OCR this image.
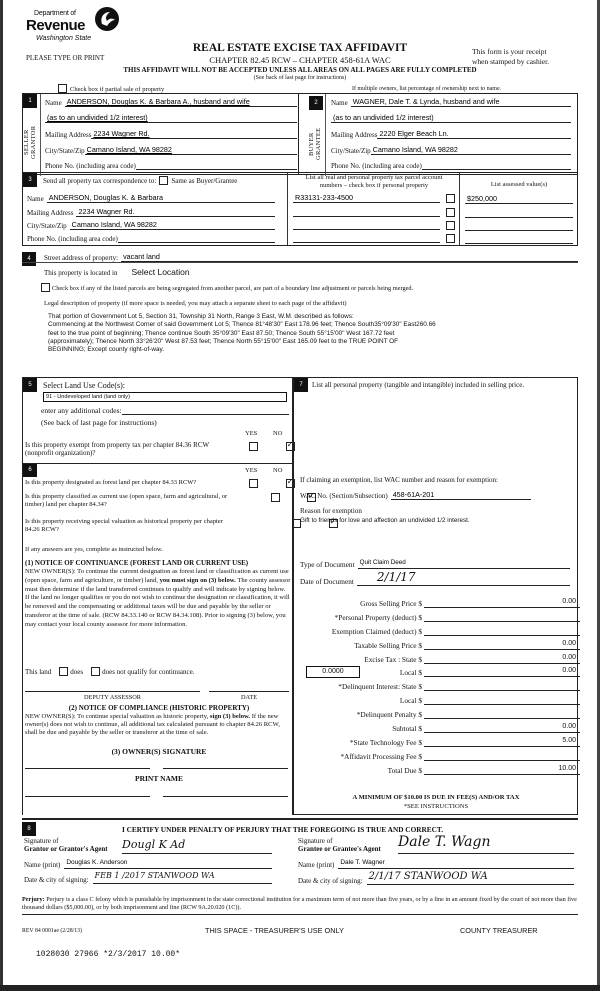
Department of
Revenue
Washington State
PLEASE TYPE OR PRINT
REAL ESTATE EXCISE TAX AFFIDAVIT
CHAPTER 82.45 RCW – CHAPTER 458-61A WAC
This form is your receipt
when stamped by cashier.
THIS AFFIDAVIT WILL NOT BE ACCEPTED UNLESS ALL AREAS ON ALL PAGES ARE FULLY COMPLETED
(See back of last page for instructions)
Check box if partial sale of property	If multiple owners, list percentage of ownership next to name.
1
SELLER
GRANTOR
Name ANDERSON, Douglas K. & Barbara A., husband and wife
(as to an undivided 1/2 interest)
Mailing Address 2234 Wagner Rd.
City/State/Zip Camano Island, WA 98282
Phone No. (including area code)
2
BUYER
GRANTEE
Name WAGNER, Dale T. & Lynda, husband and wife
(as to an undivided 1/2 interest)
Mailing Address 2220 Elger Beach Ln.
City/State/Zip Camano Island, WA 98282
Phone No. (including area code)
3	Send all property tax correspondence to: Same as Buyer/Grantee
Name ANDERSON, Douglas K. & Barbara
Mailing Address 2234 Wagner Rd.
City/State/Zip Camano Island, WA 98282
Phone No. (including area code)
List all real and personal property tax parcel account
numbers – check box if personal property	List assessed value(s)
R33131-233-4500	$250,000
4	Street address of property: vacant land
This property is located in Select Location
Check box if any of the listed parcels are being segregated from another parcel, are part of a boundary line adjustment or parcels being merged.
Legal description of property (if more space is needed, you may attach a separate sheet to each page of the affidavit)
That portion of Government Lot 5, Section 31, Township 31 North, Range 3 East, W.M. described as follows:
Commencing at the Northwest Corner of said Government Lot 5; Thence 81°48'30" East 178.96 feet; Thence South35°09'30" East260.66
feet to the true point of beginning; Thence continue South 35°09'30" East 87.50; Thence South 55°15'00" West 167.72 feet
(approximately); Thence North 33°26'20" West 87.53 feet; Thence North 55°15'00" East 165.09 feet to the TRUE POINT OF
BEGINNING; Except county right-of-way.
5	Select Land Use Code(s):
91 - Undeveloped land (land only)
enter any additional codes:
(See back of last page for instructions)
YES NO
Is this property exempt from property tax per chapter 84.36 RCW (nonprofit organization)?
✓
6	YES NO
Is this property designated as forest land per chapter 84.33 RCW?
✓
Is this property classified as current use (open space, farm and agricultural, or timber) land per chapter 84.34?
✓
Is this property receiving special valuation as historical property per chapter 84.26 RCW?
✓
If any answers are yes, complete as instructed below.
(1) NOTICE OF CONTINUANCE (FOREST LAND OR CURRENT USE)
NEW OWNER(S): To continue the current designation as forest land or classification as current use (open space, farm and agriculture, or timber) land, you must sign on (3) below. The county assessor must then determine if the land transferred continues to qualify and will indicate by signing below. If the land no longer qualifies or you do not wish to continue the designation or classification, it will be removed and the compensating or additional taxes will be due and payable by the seller or transferor at the time of sale. (RCW 84.33.140 or RCW 84.34.108). Prior to signing (3) below, you may contact your local county assessor for more information.
This land	does	does not qualify for continuance.
DEPUTY ASSESSOR	DATE
(2) NOTICE OF COMPLIANCE (HISTORIC PROPERTY)
NEW OWNER(S): To continue special valuation as historic property, sign (3) below. If the new owner(s) does not wish to continue, all additional tax calculated pursuant to chapter 84.26 RCW, shall be due and payable by the seller or transferor at the time of sale.
(3) OWNER(S) SIGNATURE
PRINT NAME
7	List all personal property (tangible and intangible) included in selling price.
If claiming an exemption, list WAC number and reason for exemption:
WAC No. (Section/Subsection) 458-61A-201
Reason for exemption
Gift to friends for love and affection an undivided 1/2 interest.
Type of Document Quit Claim Deed
Date of Document	2/1/17
Gross Selling Price $	0.00
*Personal Property (deduct) $
Exemption Claimed (deduct) $
Taxable Selling Price $	0.00
Excise Tax : State $	0.00
0.0000	Local $	0.00
*Delinquent Interest: State $
Local $
*Delinquent Penalty $
Subtotal $	0.00
*State Technology Fee $	5.00
*Affidavit Processing Fee $
Total Due $	10.00
A MINIMUM OF $10.00 IS DUE IN FEE(S) AND/OR TAX
*SEE INSTRUCTIONS
8	I CERTIFY UNDER PENALTY OF PERJURY THAT THE FOREGOING IS TRUE AND CORRECT.
Signature of
Grantor or Grantor's Agent Dougl K Ad
Name (print) Douglas K. Anderson
Date & city of signing: FEB 1 /2017 STANWOOD WA
Signature of
Grantee or Grantee's Agent Dale T. Wagn
Name (print) Dale T. Wagner
Date & city of signing: 2/1/17 STANWOOD WA
Perjury: Perjury is a class C felony which is punishable by imprisonment in the state correctional institution for a maximum term of not more than five years, or by a fine in an amount fixed by the court of not more than five thousand dollars ($5,000.00), or by both imprisonment and fine (RCW 9A.20.020 (1C)).
REV 84 0001ae (2/28/13)	THIS SPACE - TREASURER'S USE ONLY	COUNTY TREASURER
1028030 27966 *2/3/2017 10.00*
